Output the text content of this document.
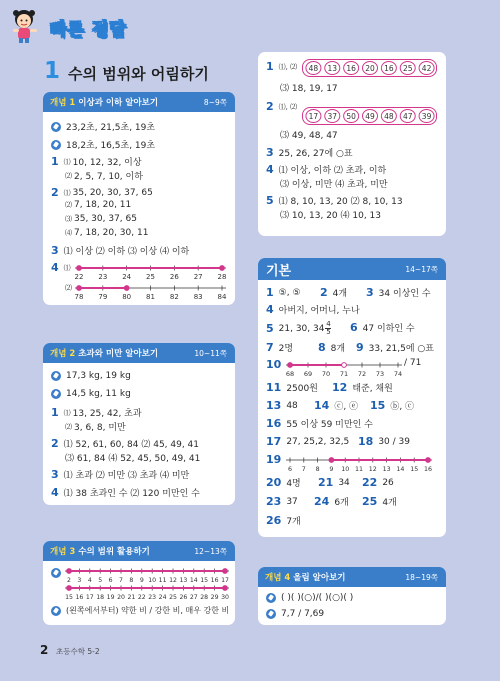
빠른 정답
1 수의 범위와 어림하기
개념 1 이상과 이하 알아보기	8~9쪽
23,2초, 21,5초, 19초
18,2초, 16,5초, 19초
1 ⑴ 10, 12, 32, 이상
⑵ 2, 5, 7, 10, 이하
2 ⑴ 35, 20, 30, 37, 65
⑵ 7, 18, 20, 11
⑶ 35, 30, 37, 65
⑷ 7, 18, 20, 30, 11
3 ⑴ 이상 ⑵ 이하 ⑶ 이상 ⑷ 이하
4 ⑴
22 23 24 25 26 27 28
⑵
78 79 80 81 82 83 84
개념 2 초과와 미만 알아보기	10~11쪽
17,3 kg, 19 kg
14,5 kg, 11 kg
1 ⑴ 13, 25, 42, 초과
⑵ 3, 6, 8, 미만
2 ⑴ 52, 61, 60, 84 ⑵ 45, 49, 41
⑶ 61, 84 ⑷ 52, 45, 50, 49, 41
3 ⑴ 초과 ⑵ 미만 ⑶ 초과 ⑷ 미만
4 ⑴ 38 초과인 수 ⑵ 120 미만인 수
개념 3 수의 범위 활용하기	12~13쪽
2 3 4 5 6 7 8 9 10 11 12 13 14 15 16 17
15 16 17 18 19 20 21 22 23 24 25 26 27 28 29 30
(왼쪽에서부터) 약한 비 / 강한 비, 매우 강한 비
1 ⑴, ⑵ 48 13 16 20 16 25 42
⑶ 18, 19, 17
2 ⑴, ⑵
17 37 50 49 48 47 39
⑶ 49, 48, 47
3 25, 26, 27에 ○표
4 ⑴ 이상, 이하 ⑵ 초과, 이하
⑶ 이상, 미만 ⑷ 초과, 미만
5 ⑴ 8, 10, 13, 20 ⑵ 8, 10, 13
⑶ 10, 13, 20 ⑷ 10, 13
기본	14~17쪽
1 ⑤, ⑤ 2 4개 3 34 이상인 수
4 아버지, 어머니, 누나
5 21, 30, $34 \frac{4}{5} 6$ 47 이하인 수
7 2명 8 8개 9 33, 21,5에 ○표
10
68 69 70 71 72 73 74
/ 71
11 2500원 12 태준, 채원
13 48 14 ⓒ, ⓔ 15 ⓑ, ⓒ
16 55 이상 59 미만인 수
17 27, 25,2, 32,5 18 30 / 39
19
6 7 8 9 10 11 12 13 14 15 16
20 4명 21 34 22 26
23 37 24 6개 25 4개
26 7개
개념 4 올림 알아보기	18~19쪽
( )( )(○)/( )(○)( )
7,7 / 7,69
2 초등수학 5-2
